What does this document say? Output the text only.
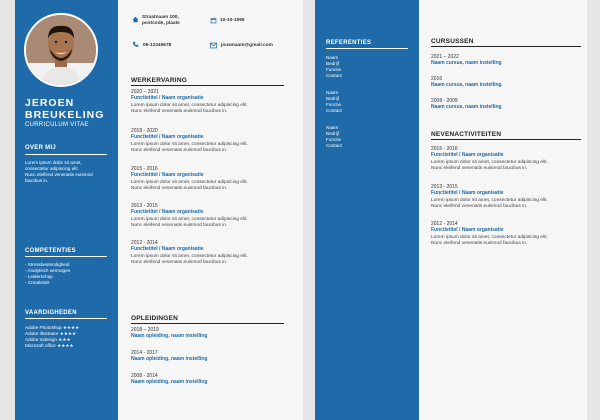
JEROEN
BREUKELING
CURRICULUM VITAE
OVER MIJ
Lorem ipsum dolor sit amet,
consectetur adipiscing elit.
Nunc eleifend venenatis euismod
faucibus in.
COMPETENTIES
- Stressbestendigheid
- Analytisch vermogen
- Leiderschap
- Creativiteit
VAARDIGHEDEN
Adobe Photoshop ★★★★
Adobe Illustrator ★★★★
Adobe Indesign ★★★
Microsoft office ★★★★
Straatnaam 100,
postcode, plaats
10-10-1995
06-12345678	jouwnaam@gmail.com
WERKERVARING
2020 – 2021
Functietitel / Naam organisatie
Lorem ipsum dolor sit amet, consectetur adipiscing elit.
Nunc eleifend venenatis euismod faucibus in.
2018 - 2020
Functietitel / Naam organisatie
Lorem ipsum dolor sit amet, consectetur adipiscing elit.
Nunc eleifend venenatis euismod faucibus in.
2015 - 2016
Functietitel / Naam organisatie
Lorem ipsum dolor sit amet, consectetur adipiscing elit.
Nunc eleifend venenatis euismod faucibus in.
2013 - 2015
Functietitel / Naam organisatie
Lorem ipsum dolor sit amet, consectetur adipiscing elit.
Nunc eleifend venenatis euismod faucibus in.
2012 - 2014
Functietitel / Naam organisatie
Lorem ipsum dolor sit amet, consectetur adipiscing elit.
Nunc eleifend venenatis euismod faucibus in.
OPLEIDINGEN
2018 – 2019
Naam opleiding, naam instelling
2014 - 2017
Naam opleiding, naam instelling
2008 - 2014
Naam opleiding, naam instelling
REFERENTIES
Naam
Bedrijf
Functie
Contact
Naam
Bedrijf
Functie
Contact
Naam
Bedrijf
Functie
Contact
CURSUSSEN
2021 – 2022
Naam cursus, naam instelling
2016
Naam cursus, naam instelling
2008 - 2009
Naam cursus, naam instelling
NEVENACTIVITEITEN
2015 - 2016
Functietitel / Naam organisatie
Lorem ipsum dolor sit amet, consectetur adipiscing elit.
Nunc eleifend venenatis euismod faucibus in.
2013 - 2015
Functietitel / Naam organisatie
Lorem ipsum dolor sit amet, consectetur adipiscing elit.
Nunc eleifend venenatis euismod faucibus in.
2012 - 2014
Functietitel / Naam organisatie
Lorem ipsum dolor sit amet, consectetur adipiscing elit.
Nunc eleifend venenatis euismod faucibus in.
